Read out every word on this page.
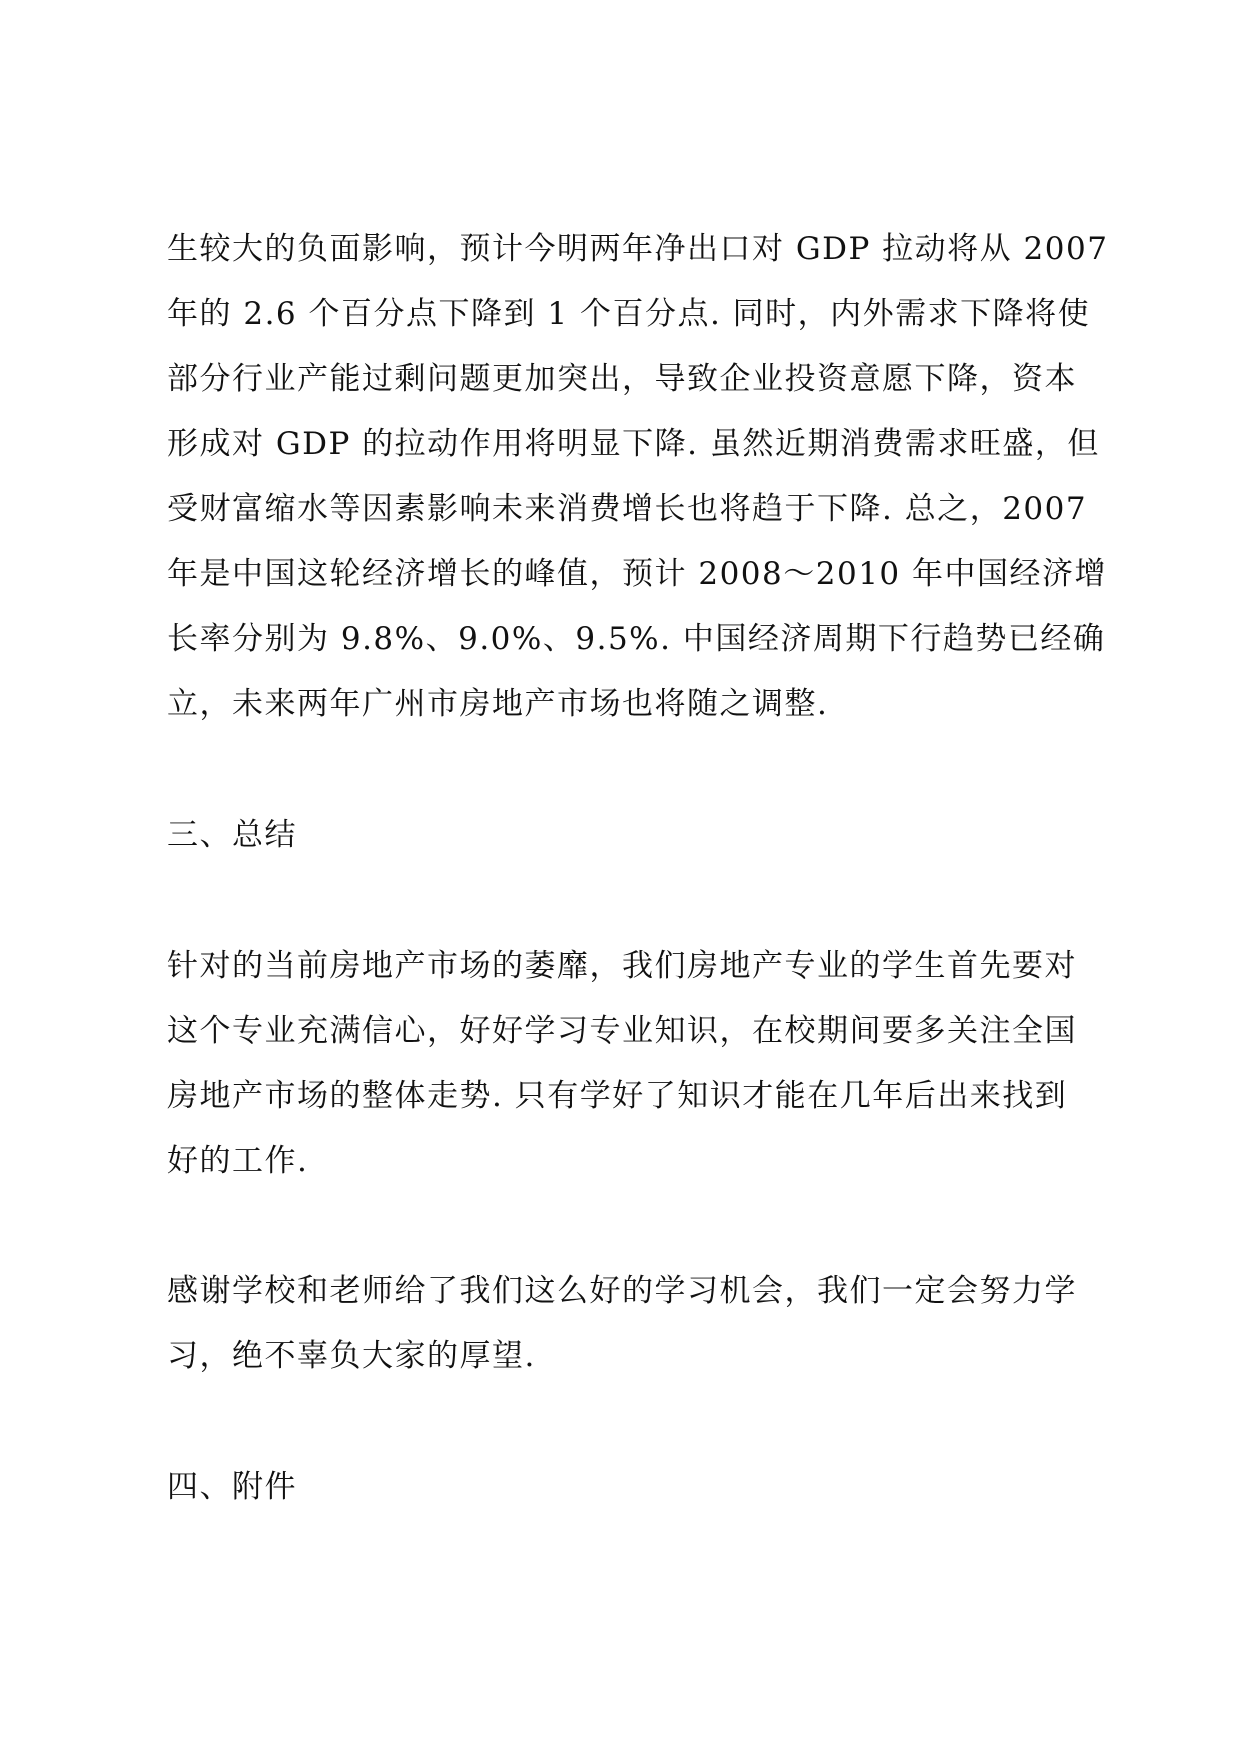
生较大的负面影响，预计今明两年净出口对 GDP 拉动将从 2007

年的 2.6 个百分点下降到 1 个百分点. 同时，内外需求下降将使

部分行业产能过剩问题更加突出，导致企业投资意愿下降，资本

形成对 GDP 的拉动作用将明显下降. 虽然近期消费需求旺盛，但

受财富缩水等因素影响未来消费增长也将趋于下降. 总之，2007

年是中国这轮经济增长的峰值，预计 2008～2010 年中国经济增

长率分别为 9.8%、9.0%、9.5%. 中国经济周期下行趋势已经确

立，未来两年广州市房地产市场也将随之调整.

三、总结

针对的当前房地产市场的萎靡，我们房地产专业的学生首先要对

这个专业充满信心，好好学习专业知识，在校期间要多关注全国

房地产市场的整体走势. 只有学好了知识才能在几年后出来找到

好的工作.

感谢学校和老师给了我们这么好的学习机会，我们一定会努力学

习，绝不辜负大家的厚望.

四、附件
